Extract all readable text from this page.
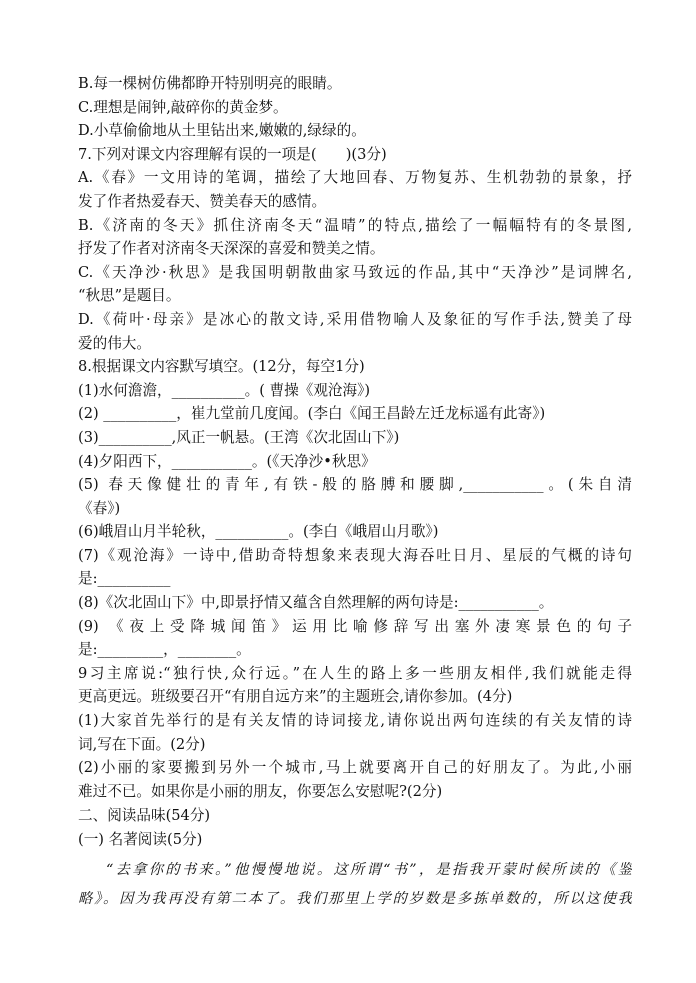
B.每一棵树仿佛都睁开特别明亮的眼睛。
C.理想是闹钟,敲碎你的黄金梦。
D.小草偷偷地从土里钻出来,嫩嫩的,绿绿的。
7.下列对课文内容理解有误的一项是(　　)(3分)
A.《春》一文用诗的笔调，描绘了大地回春、万物复苏、生机勃勃的景象，抒
发了作者热爱春天、赞美春天的感情。
B.《济南的冬天》抓住济南冬天“温晴”的特点,描绘了一幅幅特有的冬景图,
抒发了作者对济南冬天深深的喜爱和赞美之情。
C.《天净沙·秋思》是我国明朝散曲家马致远的作品,其中“天净沙”是词牌名,
“秋思”是题目。
D.《荷叶·母亲》是冰心的散文诗,采用借物喻人及象征的写作手法,赞美了母
爱的伟大。
8.根据课文内容默写填空。(12分，每空1分)
(1)水何澹澹，__________。( 曹操《观沧海》)
(2) __________，崔九堂前几度闻。(李白《闻王昌龄左迁龙标遥有此寄》)
(3)__________,风正一帆悬。(王湾《次北固山下》)
(4)夕阳西下，___________。(《天净沙•秋思》
(5) 春天像健壮的青年,有铁-般的胳膊和腰脚,___________。(朱自清
《春》)
(6)峨眉山月半轮秋，__________。(李白《峨眉山月歌》)
(7)《观沧海》一诗中,借助奇特想象来表现大海吞吐日月、星辰的气概的诗句
是:__________
(8)《次北固山下》中,即景抒情又蕴含自然理解的两句诗是:___________。
(9) 《夜上受降城闻笛》运用比喻修辞写出塞外凄寒景色的句子
是:_________，________。
9习主席说:“独行快,众行远。”在人生的路上多一些朋友相伴,我们就能走得
更高更远。班级要召开“有朋自远方来”的主题班会,请你参加。(4分)
(1)大家首先举行的是有关友情的诗词接龙,请你说出两句连续的有关友情的诗
词,写在下面。(2分)
(2)小丽的家要搬到另外一个城市,马上就要离开自己的好朋友了。为此,小丽
难过不已。如果你是小丽的朋友，你要怎么安慰呢?(2分)
二、阅读品味(54分)
(一) 名著阅读(5分)
“去拿你的书来。”他慢慢地说。这所谓“书”，是指我开蒙时候所读的《鉴
略》。因为我再没有第二本了。我们那里上学的岁数是多拣单数的，所以这使我
